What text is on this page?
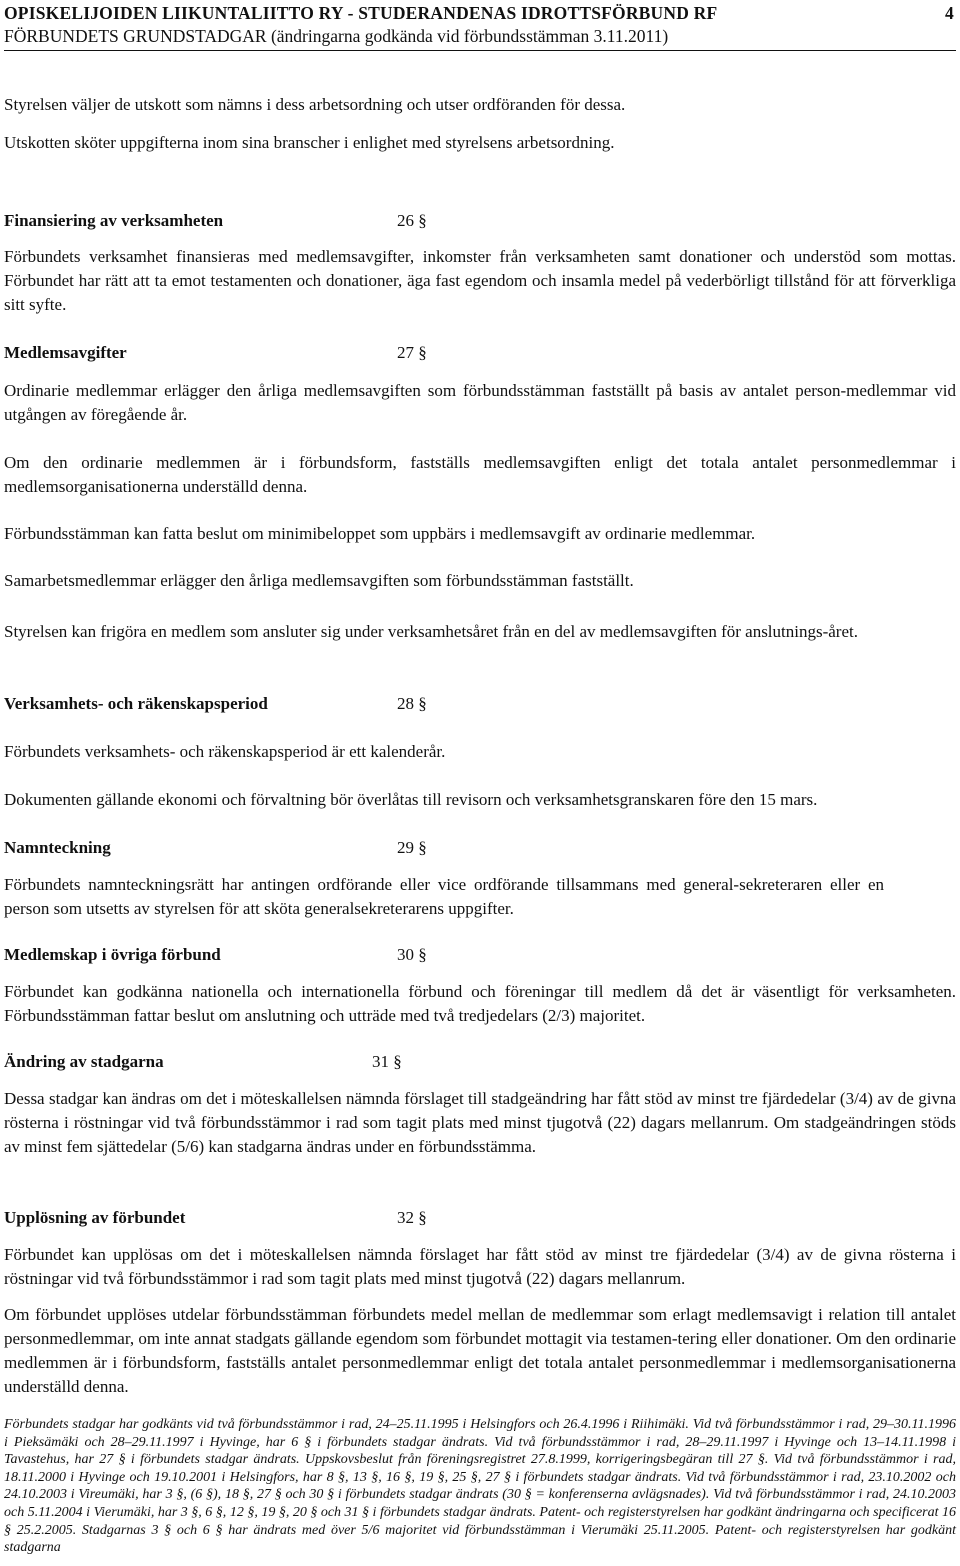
OPISKELIJOIDEN LIIKUNTALIITTO RY - STUDERANDENAS IDROTTSFÖRBUND RF	4
FÖRBUNDETS GRUNDSTADGAR (ändringarna godkända vid förbundsstämman 3.11.2011)

Styrelsen väljer de utskott som nämns i dess arbetsordning och utser ordföranden för dessa.

Utskotten sköter uppgifterna inom sina branscher i enlighet med styrelsens arbetsordning.

Finansiering av verksamheten	26 §

Förbundets verksamhet finansieras med medlemsavgifter, inkomster från verksamheten samt donationer och understöd som mottas. Förbundet har rätt att ta emot testamenten och donationer, äga fast egendom och insamla medel på vederbörligt tillstånd för att förverkliga sitt syfte.

Medlemsavgifter	27 §

Ordinarie medlemmar erlägger den årliga medlemsavgiften som förbundsstämman fastställt på basis av antalet person-medlemmar vid utgången av föregående år.

Om den ordinarie medlemmen är i förbundsform, fastställs medlemsavgiften enligt det totala antalet personmedlemmar i medlemsorganisationerna underställd denna.

Förbundsstämman kan fatta beslut om minimibeloppet som uppbärs i medlemsavgift av ordinarie medlemmar.

Samarbetsmedlemmar erlägger den årliga medlemsavgiften som förbundsstämman fastställt.

Styrelsen kan frigöra en medlem som ansluter sig under verksamhetsåret från en del av medlemsavgiften för anslutnings-året.

Verksamhets- och räkenskapsperiod	28 §

Förbundets verksamhets- och räkenskapsperiod är ett kalenderår.

Dokumenten gällande ekonomi och förvaltning bör överlåtas till revisorn och verksamhetsgranskaren före den 15 mars.

Namnteckning	29 §

Förbundets namnteckningsrätt har antingen ordförande eller vice ordförande tillsammans med general-sekreteraren eller en person som utsetts av styrelsen för att sköta generalsekreterarens uppgifter.

Medlemskap i övriga förbund	30 §

Förbundet kan godkänna nationella och internationella förbund och föreningar till medlem då det är väsentligt för verksamheten. Förbundsstämman fattar beslut om anslutning och utträde med två tredjedelars (2/3) majoritet.

Ändring av stadgarna	31 §

Dessa stadgar kan ändras om det i möteskallelsen nämnda förslaget till stadgeändring har fått stöd av minst tre fjärdedelar (3/4) av de givna rösterna i röstningar vid två förbundsstämmor i rad som tagit plats med minst tjugotvå (22) dagars mellanrum. Om stadgeändringen stöds av minst fem sjättedelar (5/6) kan stadgarna ändras under en förbundsstämma.

Upplösning av förbundet	32 §

Förbundet kan upplösas om det i möteskallelsen nämnda förslaget har fått stöd av minst tre fjärdedelar (3/4) av de givna rösterna i röstningar vid två förbundsstämmor i rad som tagit plats med minst tjugotvå (22) dagars mellanrum.

Om förbundet upplöses utdelar förbundsstämman förbundets medel mellan de medlemmar som erlagt medlemsavigt i relation till antalet personmedlemmar, om inte annat stadgats gällande egendom som förbundet mottagit via testamen-tering eller donationer. Om den ordinarie medlemmen är i förbundsform, fastställs antalet personmedlemmar enligt det totala antalet personmedlemmar i medlemsorganisationerna underställd denna.

Förbundets stadgar har godkänts vid två förbundsstämmor i rad, 24–25.11.1995 i Helsingfors och 26.4.1996 i Riihimäki. Vid två förbundsstämmor i rad, 29–30.11.1996 i Pieksämäki och 28–29.11.1997 i Hyvinge, har 6 § i förbundets stadgar ändrats. Vid två förbundsstämmor i rad, 28–29.11.1997 i Hyvinge och 13–14.11.1998 i Tavastehus, har 27 § i förbundets stadgar ändrats. Uppskovsbeslut från föreningsregistret 27.8.1999, korrigeringsbegäran till 27 §. Vid två förbundsstämmor i rad, 18.11.2000 i Hyvinge och 19.10.2001 i Helsingfors, har 8 §, 13 §, 16 §, 19 §, 25 §, 27 § i förbundets stadgar ändrats. Vid två förbundsstämmor i rad, 23.10.2002 och 24.10.2003 i Vireumäki, har 3 §, (6 §), 18 §, 27 § och 30 § i förbundets stadgar ändrats (30 § = konferenserna avlägsnades). Vid två förbundsstämmor i rad, 24.10.2003 och 5.11.2004 i Vierumäki, har 3 §, 6 §, 12 §, 19 §, 20 § och 31 § i förbundets stadgar ändrats. Patent- och registerstyrelsen har godkänt ändringarna och specificerat 16 § 25.2.2005. Stadgarnas 3 § och 6 § har ändrats med över 5/6 majoritet vid förbundsstämman i Vierumäki 25.11.2005. Patent- och registerstyrelsen har godkänt stadgarna
